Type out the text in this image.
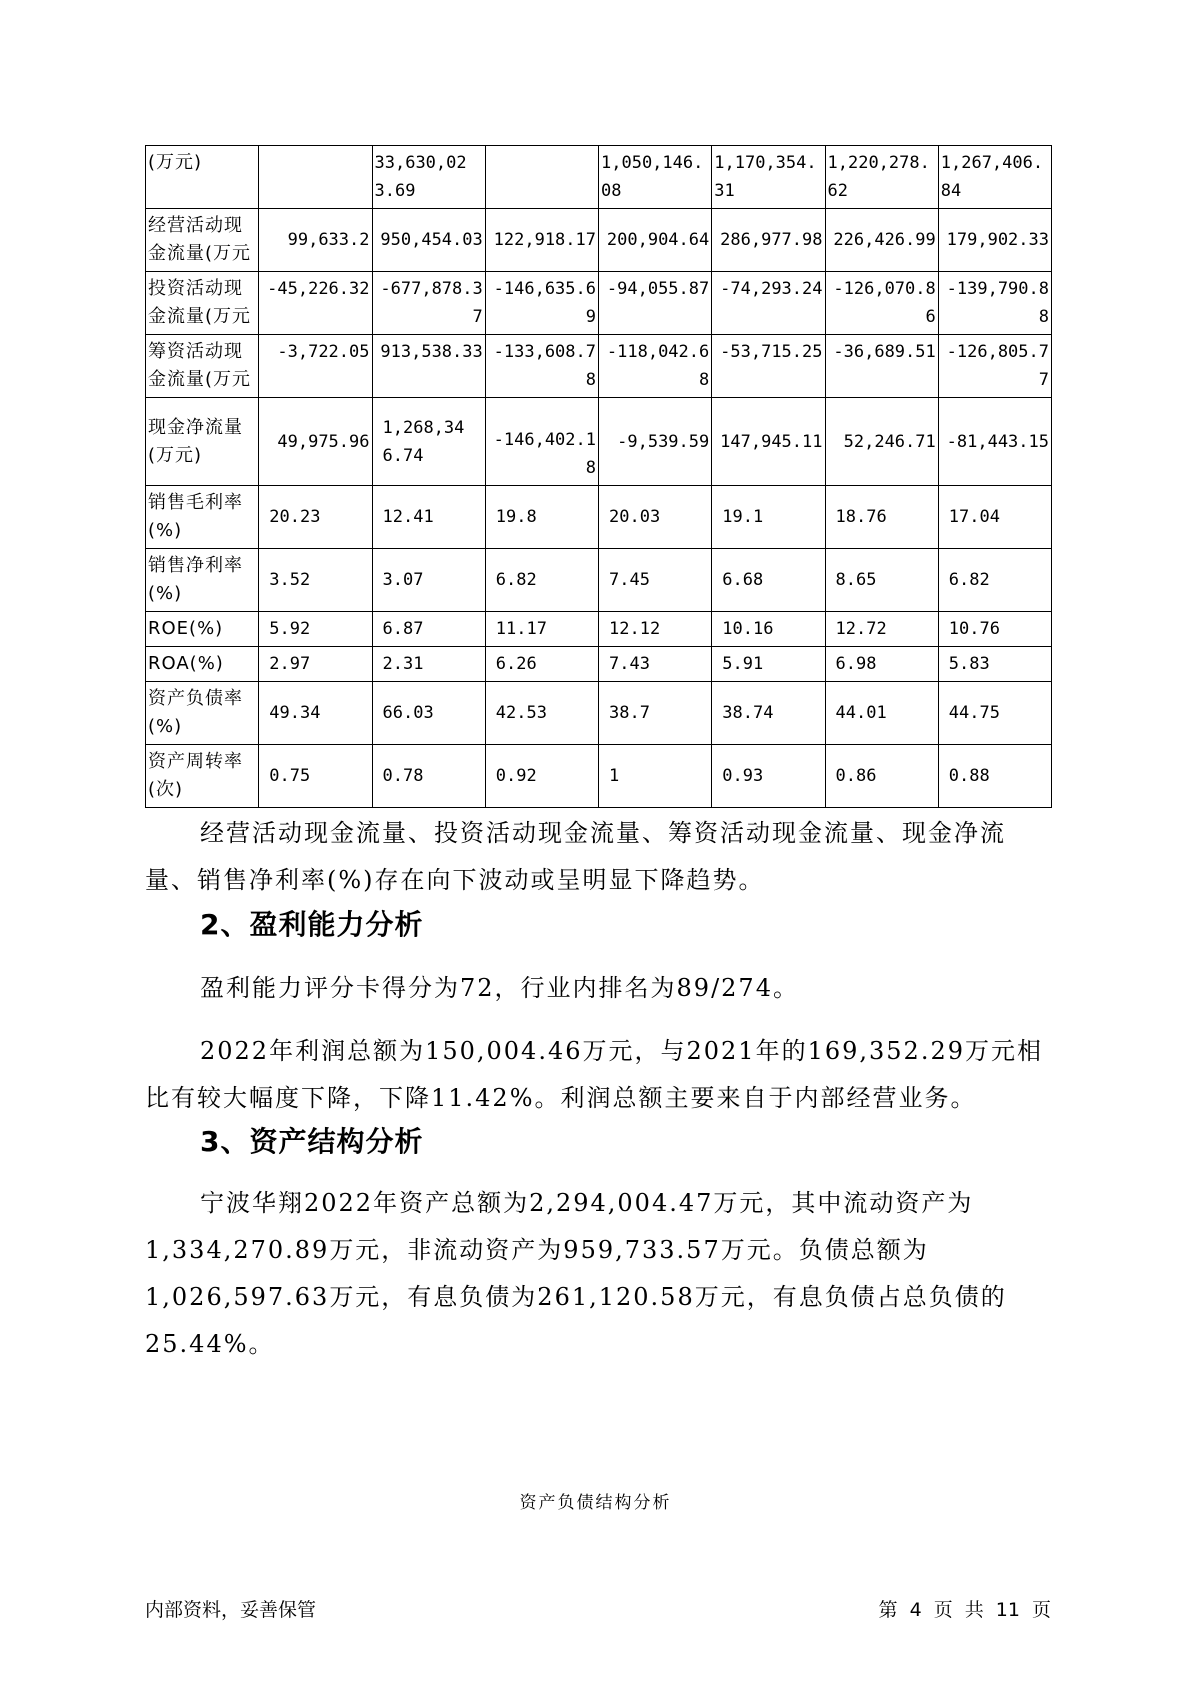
(万元)		33,630,023.69		1,050,146.08	1,170,354.31	1,220,278.62	1,267,406.84
经营活动现金流量(万元	99,633.2	950,454.03	122,918.17	200,904.64	286,977.98	226,426.99	179,902.33
投资活动现金流量(万元	-45,226.32	-677,878.37	-146,635.69	-94,055.87	-74,293.24	-126,070.86	-139,790.88
筹资活动现金流量(万元	-3,722.05	913,538.33	-133,608.78	-118,042.68	-53,715.25	-36,689.51	-126,805.77
现金净流量(万元)	49,975.96	1,268,346.74	-146,402.18	-9,539.59	147,945.11	52,246.71	-81,443.15
销售毛利率(%)	20.23	12.41	19.8	20.03	19.1	18.76	17.04
销售净利率(%)	3.52	3.07	6.82	7.45	6.68	8.65	6.82
ROE(%)	5.92	6.87	11.17	12.12	10.16	12.72	10.76
ROA(%)	2.97	2.31	6.26	7.43	5.91	6.98	5.83
资产负债率(%)	49.34	66.03	42.53	38.7	38.74	44.01	44.75
资产周转率(次)	0.75	0.78	0.92	1	0.93	0.86	0.88
经营活动现金流量、投资活动现金流量、筹资活动现金流量、现金净流量、销售净利率(%)存在向下波动或呈明显下降趋势。
2、盈利能力分析
盈利能力评分卡得分为72，行业内排名为89/274。
2022年利润总额为150,004.46万元，与2021年的169,352.29万元相比有较大幅度下降，下降11.42%。利润总额主要来自于内部经营业务。
3、资产结构分析
宁波华翔2022年资产总额为2,294,004.47万元，其中流动资产为1,334,270.89万元，非流动资产为959,733.57万元。负债总额为1,026,597.63万元，有息负债为261,120.58万元，有息负债占总负债的25.44%。
资产负债结构分析
内部资料，妥善保管	第 4 页 共 11 页
